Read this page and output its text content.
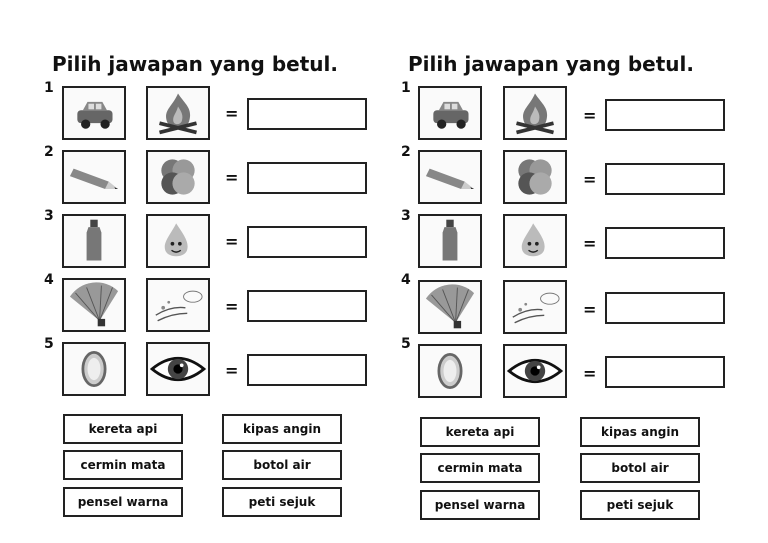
Pilih jawapan yang betul.
1
=
2
=
3
=
4
=
5
=
kereta api	kipas angin
cermin mata	botol air
pensel warna	peti sejuk
Pilih jawapan yang betul.
1
=
2
=
3
=
4
=
5
=
kereta api	kipas angin
cermin mata	botol air
pensel warna	peti sejuk
